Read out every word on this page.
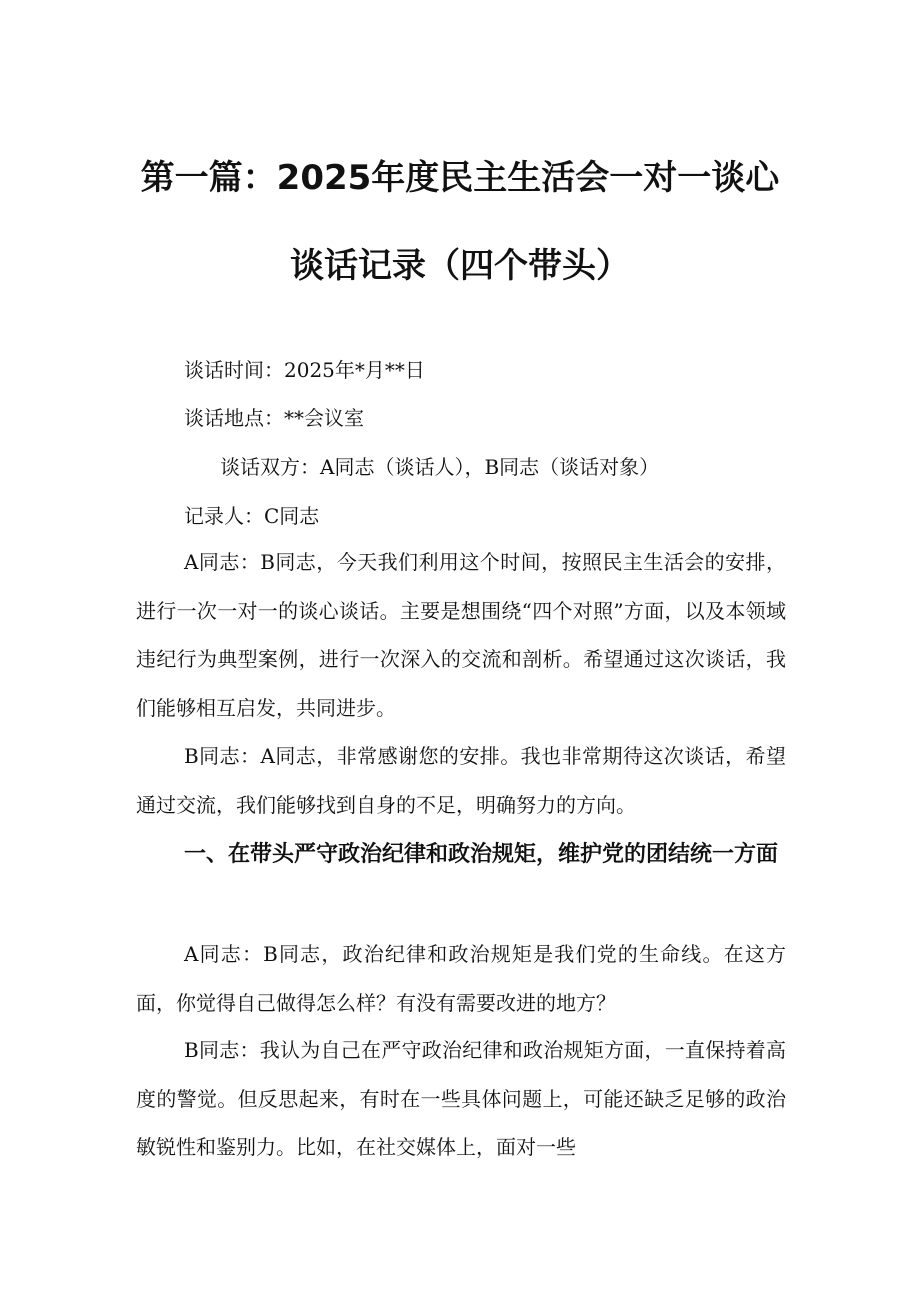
第一篇：2025年度民主生活会一对一谈心
谈话记录（四个带头）
谈话时间：2025年*月**日
谈话地点：**会议室
谈话双方：A同志（谈话人），B同志（谈话对象）
记录人：C同志
A同志：B同志，今天我们利用这个时间，按照民主生活会的安排，进行一次一对一的谈心谈话。主要是想围绕“四个对照”方面，以及本领域违纪行为典型案例，进行一次深入的交流和剖析。希望通过这次谈话，我们能够相互启发，共同进步。
B同志：A同志，非常感谢您的安排。我也非常期待这次谈话，希望通过交流，我们能够找到自身的不足，明确努力的方向。
一、在带头严守政治纪律和政治规矩，维护党的团结统一方面
A同志：B同志，政治纪律和政治规矩是我们党的生命线。在这方面，你觉得自己做得怎么样？有没有需要改进的地方？
B同志：我认为自己在严守政治纪律和政治规矩方面，一直保持着高度的警觉。但反思起来，有时在一些具体问题上，可能还缺乏足够的政治敏锐性和鉴别力。比如，在社交媒体上，面对一些
